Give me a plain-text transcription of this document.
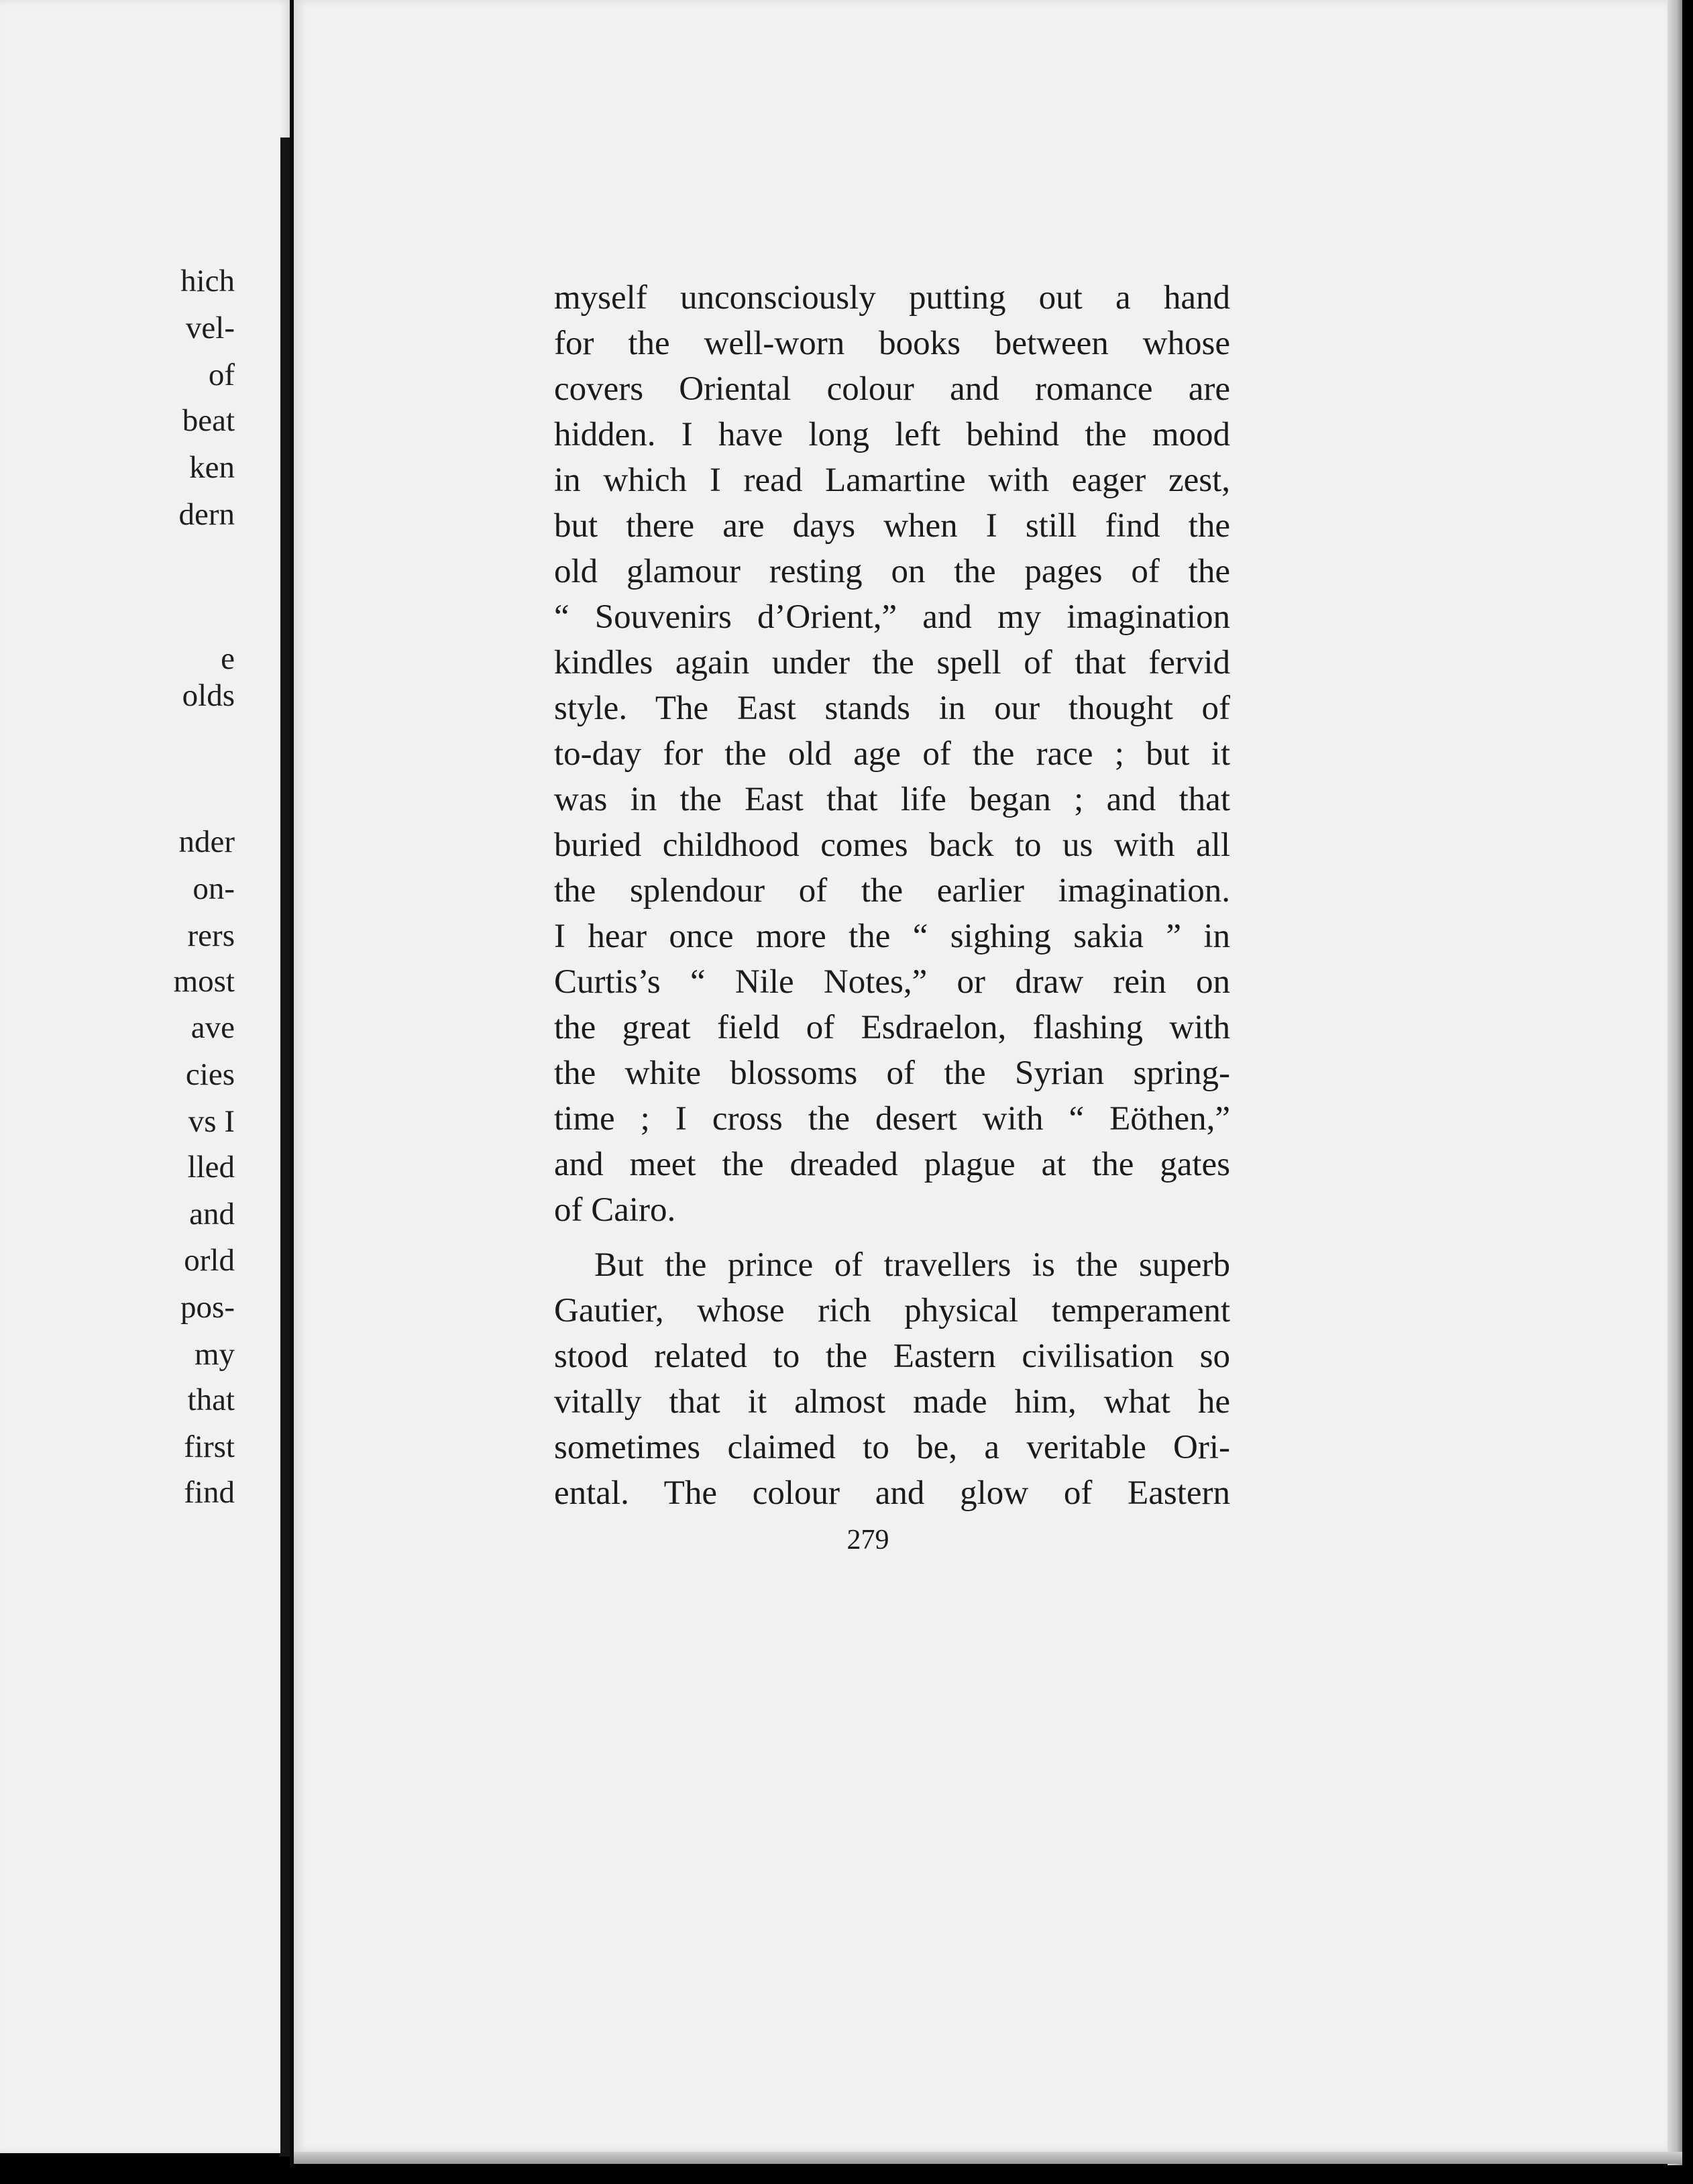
hich
vel-
of
beat
ken
dern
e
olds
nder
on-
rers
most
ave
cies
vs I
lled
and
orld
pos-
my
that
first
find
myself unconsciously putting out a hand
for the well-worn books between whose
covers Oriental colour and romance are
hidden. I have long left behind the mood
in which I read Lamartine with eager zest,
but there are days when I still find the
old glamour resting on the pages of the
“ Souvenirs d’Orient,” and my imagination
kindles again under the spell of that fervid
style. The East stands in our thought of
to-day for the old age of the race ; but it
was in the East that life began ; and that
buried childhood comes back to us with all
the splendour of the earlier imagination.
I hear once more the “ sighing sakia ” in
Curtis’s “ Nile Notes,” or draw rein on
the great field of Esdraelon, flashing with
the white blossoms of the Syrian spring-
time ; I cross the desert with “ Eöthen,”
and meet the dreaded plague at the gates
of Cairo.
But the prince of travellers is the superb
Gautier, whose rich physical temperament
stood related to the Eastern civilisation so
vitally that it almost made him, what he
sometimes claimed to be, a veritable Ori-
ental. The colour and glow of Eastern
279
